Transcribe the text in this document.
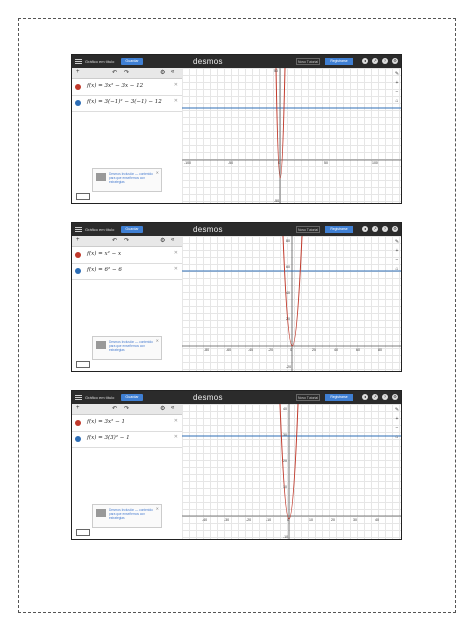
Gráfico em título	Guardar	desmos	Novo Tutorial	Registrarse	◂	↗	?	⚙
+	↶ ↷	⚙ «
f(x) = 3x² − 3x − 12	✕
f(x) = 3(−1)² − 3(−1) − 12 ✕
Desmos Inclusión — contenido para que enseñemos con estrategias
✕
-100	-50	0	50	100
50
-50
✎
+
−
⌂
Gráfico em título	Guardar	desmos	Novo Tutorial	Registrarse	◂	↗	?	⚙
+	↶ ↷	⚙ «
f(x) = x² − x	✕
f(x) = 6² − 6	✕
Desmos Inclusión — contenido para que enseñemos con estrategias
✕
-80	-60	-40	-20	0	20	40	60	80
80
60
40
20
-20
✎
+
−
⌂
Gráfico em título	Guardar	desmos	Novo Tutorial	Registrarse	◂	↗	?	⚙
+	↶ ↷	⚙ «
f(x) = 3x² − 1	✕
f(x) = 3(3)² − 1	✕
Desmos Inclusión — contenido para que enseñemos con estrategias
✕
-40	-30	-20	-10	0	10	20	30	40
40
30
20
10
-10
✎
+
−
⌂
